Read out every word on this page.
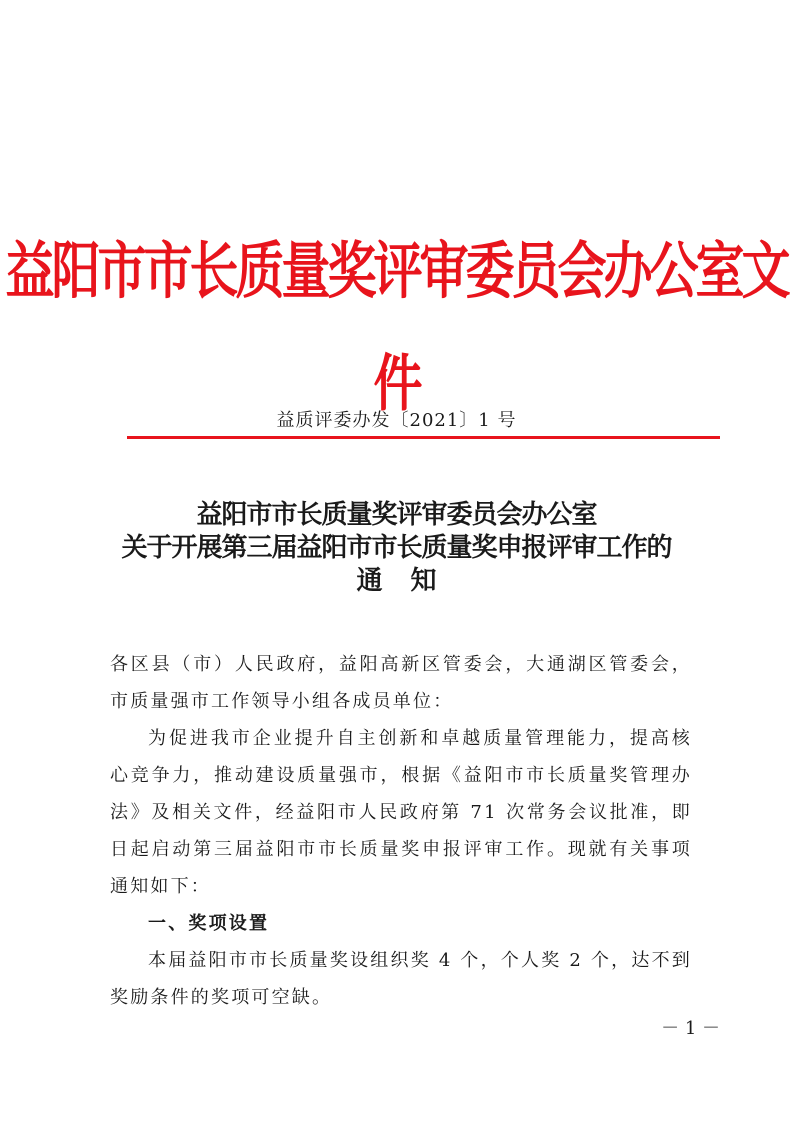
益阳市市长质量奖评审委员会办公室文件
益质评委办发〔2021〕1 号
益阳市市长质量奖评审委员会办公室
关于开展第三届益阳市市长质量奖申报评审工作的
通知

各区县（市）人民政府，益阳高新区管委会，大通湖区管委会，市质量强市工作领导小组各成员单位：

为促进我市企业提升自主创新和卓越质量管理能力，提高核心竞争力，推动建设质量强市，根据《益阳市市长质量奖管理办法》及相关文件，经益阳市人民政府第 71 次常务会议批准，即日起启动第三届益阳市市长质量奖申报评审工作。现就有关事项通知如下：

一、奖项设置

本届益阳市市长质量奖设组织奖 4 个，个人奖 2 个，达不到奖励条件的奖项可空缺。

－ 1 －
